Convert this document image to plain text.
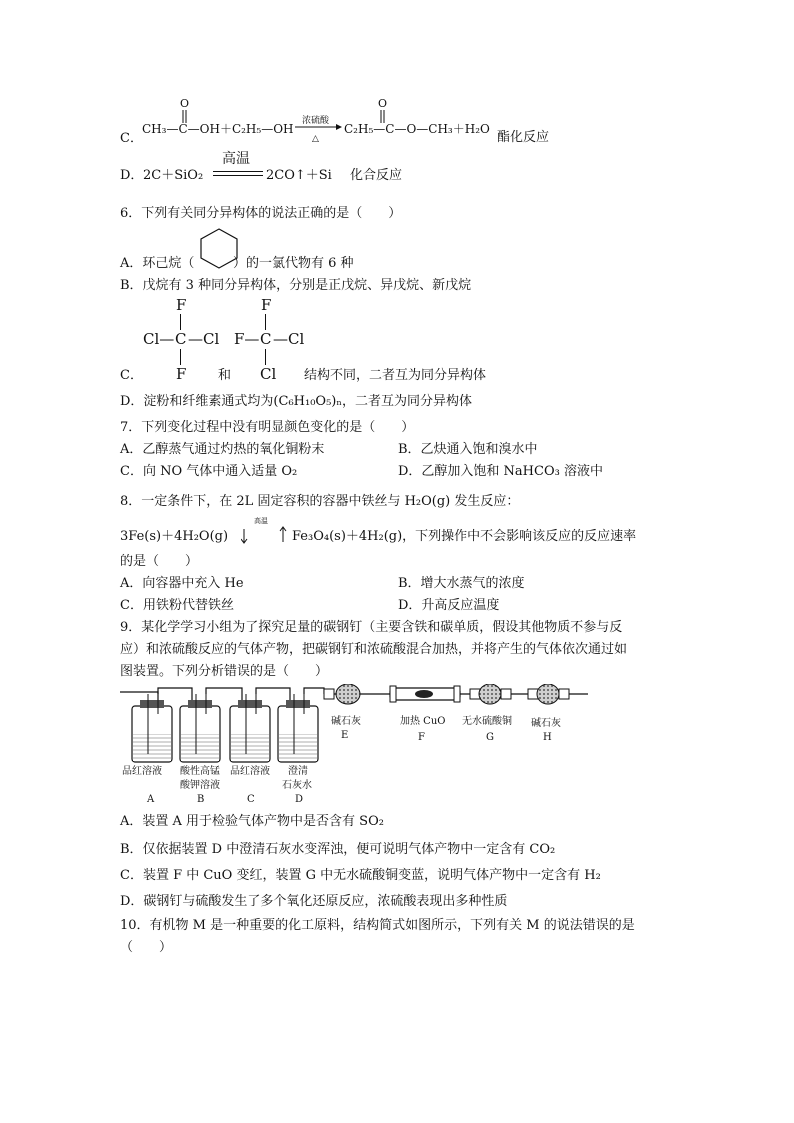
C．
O
CH₃—C—OH＋C₂H₅—OH
浓硫酸
△
O
C₂H₅—C—O—CH₃＋H₂O
酯化反应
D． 2C＋SiO₂
高温
2CO↑＋Si 化合反应
6．下列有关同分异构体的说法正确的是（　　）
A．环己烷（	）的一氯代物有 6 种
B．戊烷有 3 种同分异构体，分别是正戊烷、异戊烷、新戊烷
F
Cl— C —Cl
F 和
F
F— C —Cl
Cl
C．	结构不同，二者互为同分异构体
D．淀粉和纤维素通式均为(C₆H₁₀O₅)ₙ，二者互为同分异构体
7．下列变化过程中没有明显颜色变化的是（　　）
A．乙醇蒸气通过灼热的氧化铜粉末	B．乙炔通入饱和溴水中
C．向 NO 气体中通入适量 O₂	D．乙醇加入饱和 NaHCO₃ 溶液中
8．一定条件下，在 2L 固定容积的容器中铁丝与 H₂O(g) 发生反应：
3Fe(s)＋4H₂O(g)
高温
Fe₃O₄(s)＋4H₂(g)，下列操作中不会影响该反应的反应速率
的是（　　）
A．向容器中充入 He	B．增大水蒸气的浓度
C．用铁粉代替铁丝	D．升高反应温度
9．某化学学习小组为了探究足量的碳钢钉（主要含铁和碳单质，假设其他物质不参与反
应）和浓硫酸反应的气体产物，把碳钢钉和浓硫酸混合加热，并将产生的气体依次通过如
图装置。下列分析错误的是（　　）
品红溶液
A
酸性高锰
酸钾溶液
B
品红溶液
C
澄清
石灰水
D
碱石灰
E
加热 CuO
F
无水硫酸铜
G
碱石灰
H
A．装置 A 用于检验气体产物中是否含有 SO₂
B．仅依据装置 D 中澄清石灰水变浑浊，便可说明气体产物中一定含有 CO₂
C．装置 F 中 CuO 变红，装置 G 中无水硫酸铜变蓝，说明气体产物中一定含有 H₂
D．碳钢钉与硫酸发生了多个氧化还原反应，浓硫酸表现出多种性质
10．有机物 M 是一种重要的化工原料，结构简式如图所示，下列有关 M 的说法错误的是
（　　）
